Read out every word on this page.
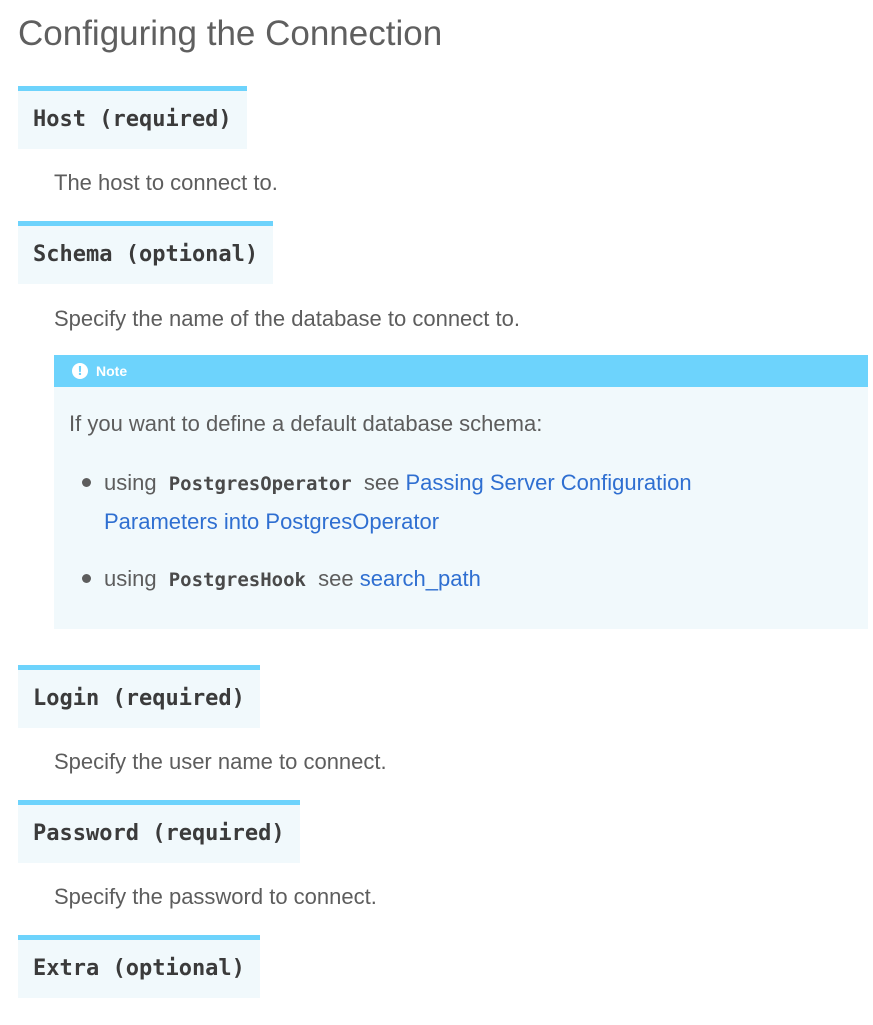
Configuring the Connection
Host (required)
The host to connect to.
Schema (optional)
Specify the name of the database to connect to.
! Note
If you want to define a default database schema:
using PostgresOperator see Passing Server Configuration
Parameters into PostgresOperator
using PostgresHook see search_path
Login (required)
Specify the user name to connect.
Password (required)
Specify the password to connect.
Extra (optional)
